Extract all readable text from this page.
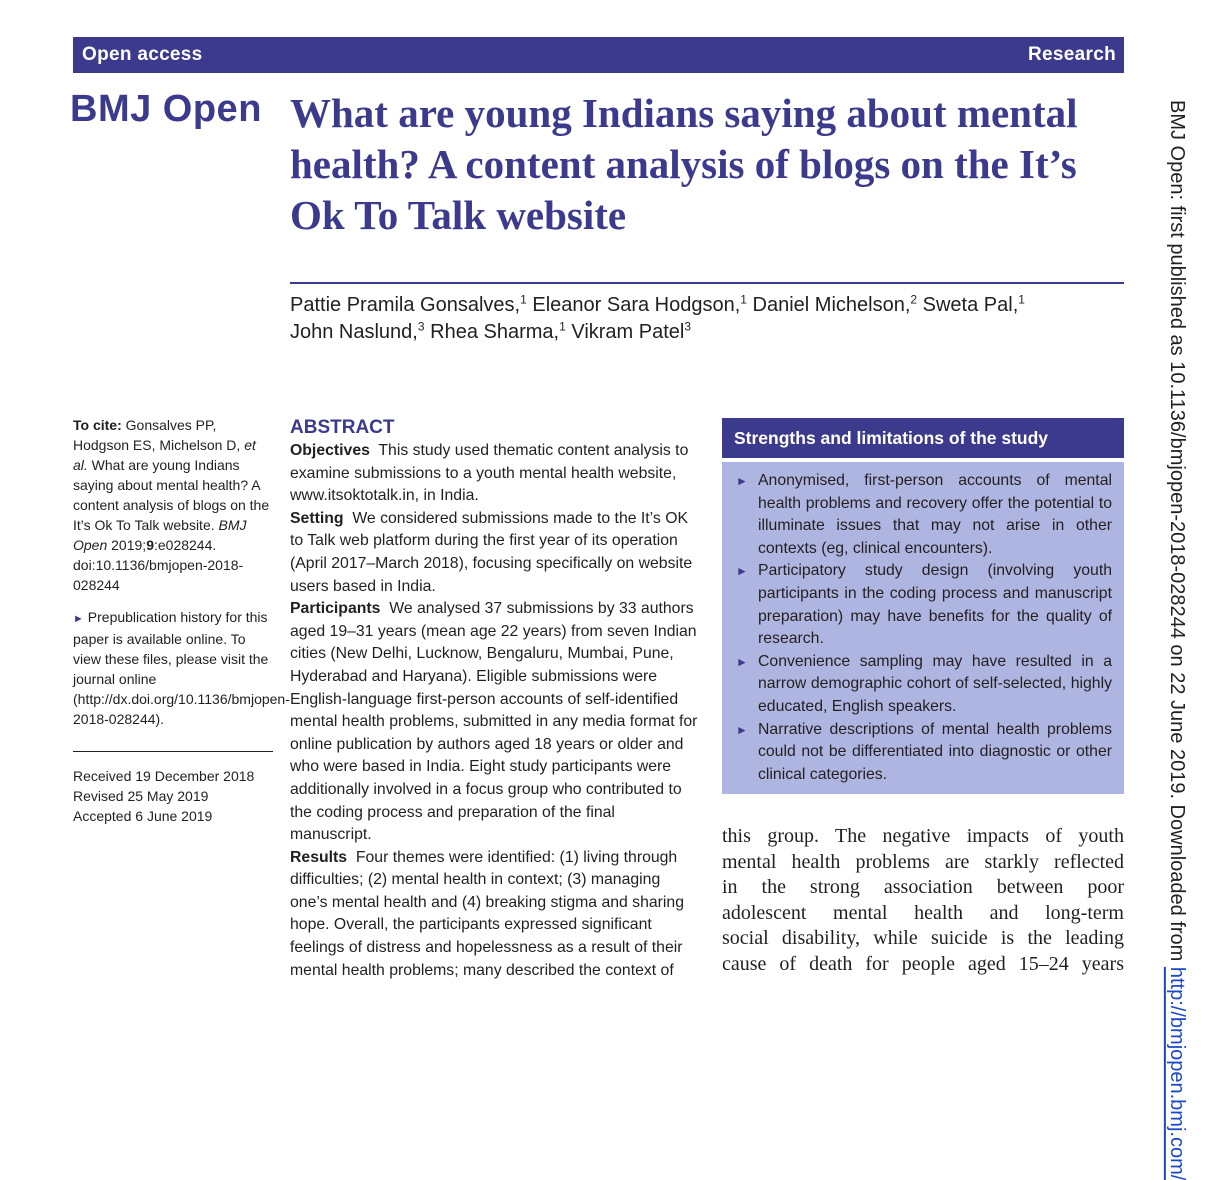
Open access	Research
BMJ Open What are young Indians saying about mental health? A content analysis of blogs on the It’s Ok To Talk website
Pattie Pramila Gonsalves,$^1$ Eleanor Sara Hodgson,$^1$ Daniel Michelson,$^2$ Sweta Pal,$^1$
John Naslund,$^3$ Rhea Sharma,$^1$ Vikram Patel$^3$

To cite: Gonsalves PP, Hodgson ES, Michelson D, et al. What are young Indians saying about mental health? A content analysis of blogs on the It’s Ok To Talk website. BMJ Open 2019;9:e028244. doi:10.1136/bmjopen-2018-028244

► Prepublication history for this paper is available online. To view these files, please visit the journal online (http://dx.doi.org/10.1136/bmjopen-2018-028244).

Received 19 December 2018

Revised 25 May 2019

Accepted 6 June 2019

ABSTRACT

Objectives This study used thematic content analysis to examine submissions to a youth mental health website, www.itsoktotalk.in, in India.

Setting We considered submissions made to the It’s OK to Talk web platform during the first year of its operation (April 2017–March 2018), focusing specifically on website users based in India.

Participants We analysed 37 submissions by 33 authors aged 19–31 years (mean age 22 years) from seven Indian cities (New Delhi, Lucknow, Bengaluru, Mumbai, Pune, Hyderabad and Haryana). Eligible submissions were English-language first-person accounts of self-identified mental health problems, submitted in any media format for online publication by authors aged 18 years or older and who were based in India. Eight study participants were additionally involved in a focus group who contributed to the coding process and preparation of the final manuscript.

Results Four themes were identified: (1) living through difficulties; (2) mental health in context; (3) managing one’s mental health and (4) breaking stigma and sharing hope. Overall, the participants expressed significant feelings of distress and hopelessness as a result of their mental health problems; many described the context of

Strengths and limitations of the study
► Anonymised, first-person accounts of mental health problems and recovery offer the potential to illuminate issues that may not arise in other contexts (eg, clinical encounters).
► Participatory study design (involving youth participants in the coding process and manuscript preparation) may have benefits for the quality of research.
► Convenience sampling may have resulted in a narrow demographic cohort of self-selected, highly educated, English speakers.
► Narrative descriptions of mental health problems could not be differentiated into diagnostic or other clinical categories.
this group. The negative impacts of youth
mental health problems are starkly reflected
in the strong association between poor
adolescent mental health and long-term
social disability, while suicide is the leading
cause of death for people aged 15–24 years BMJ Open: first published as 10.1136/bmjopen-2018-028244 on 22 June 2019. Downloaded from http://bmjopen.bmj.com/
